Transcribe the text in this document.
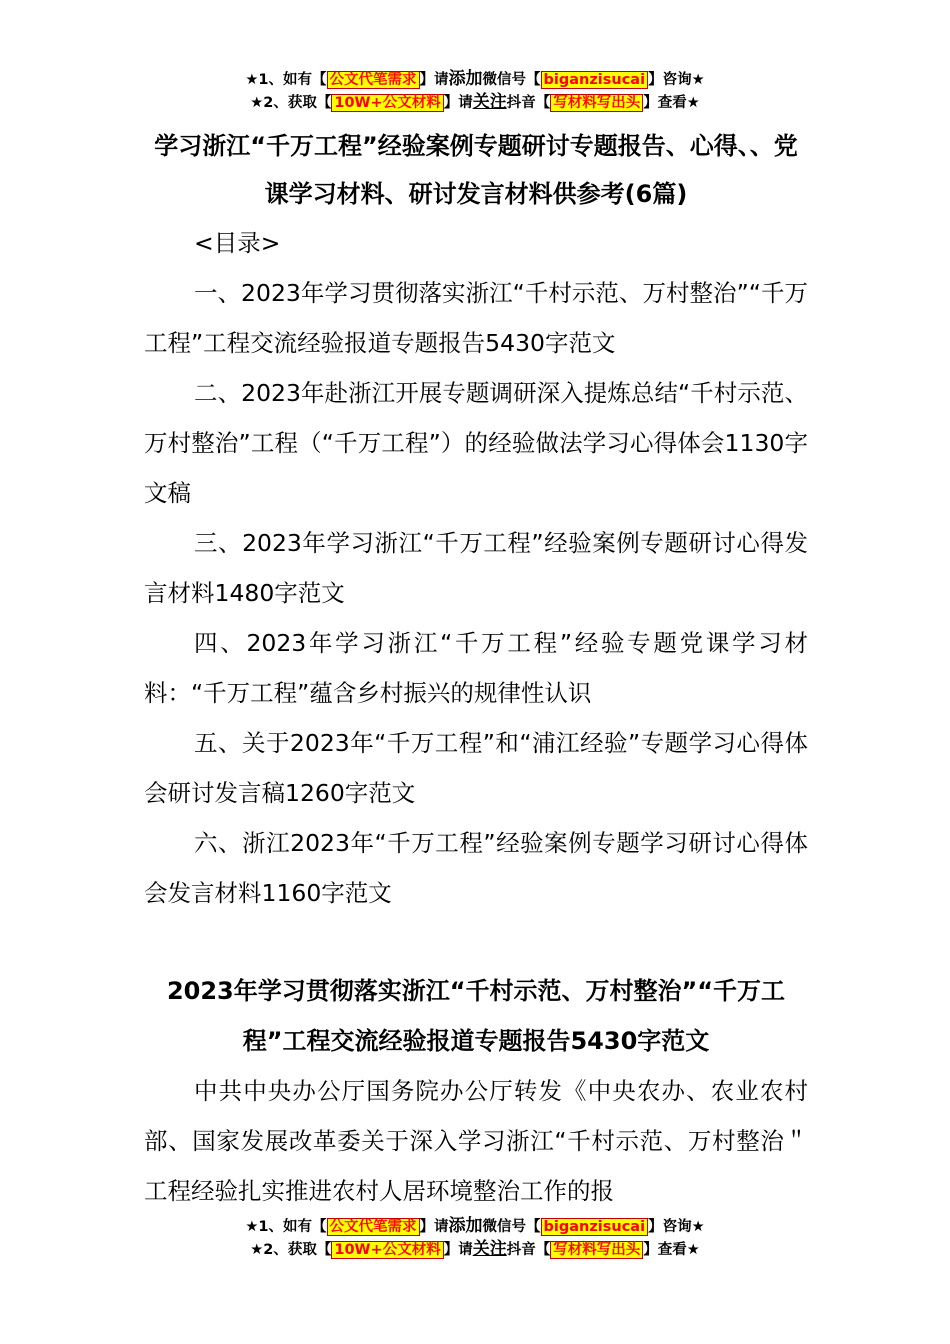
★1、如有【 公文代笔需求 】请添加微信号【 biganzisucai 】咨询★
★2、获取【 10W+公文材料 】请关注抖音【 写材料写出头 】查看★

学习浙江“千万工程”经验案例专题研讨专题报告、心得、、党课学习材料、研讨发言材料供参考(6篇)

<目录>

一、2023年学习贯彻落实浙江“千村示范、万村整治”“千万工程”工程交流经验报道专题报告5430字范文

二、2023年赴浙江开展专题调研深入提炼总结“千村示范、万村整治”工程（“千万工程”）的经验做法学习心得体会1130字文稿

三、2023年学习浙江“千万工程”经验案例专题研讨心得发言材料1480字范文

四、2023年学习浙江“千万工程”经验专题党课学习材料：“千万工程”蕴含乡村振兴的规律性认识

五、关于2023年“千万工程”和“浦江经验”专题学习心得体会研讨发言稿1260字范文

六、浙江2023年“千万工程”经验案例专题学习研讨心得体会发言材料1160字范文

2023年学习贯彻落实浙江“千村示范、万村整治”“千万工程”工程交流经验报道专题报告5430字范文

中共中央办公厅国务院办公厅转发《中央农办、农业农村部、国家发展改革委关于深入学习浙江“千村示范、万村整治＂工程经验扎实推进农村人居环境整治工作的报

★1、如有【 公文代笔需求 】请添加微信号【 biganzisucai 】咨询★
★2、获取【 10W+公文材料 】请关注抖音【 写材料写出头 】查看★
